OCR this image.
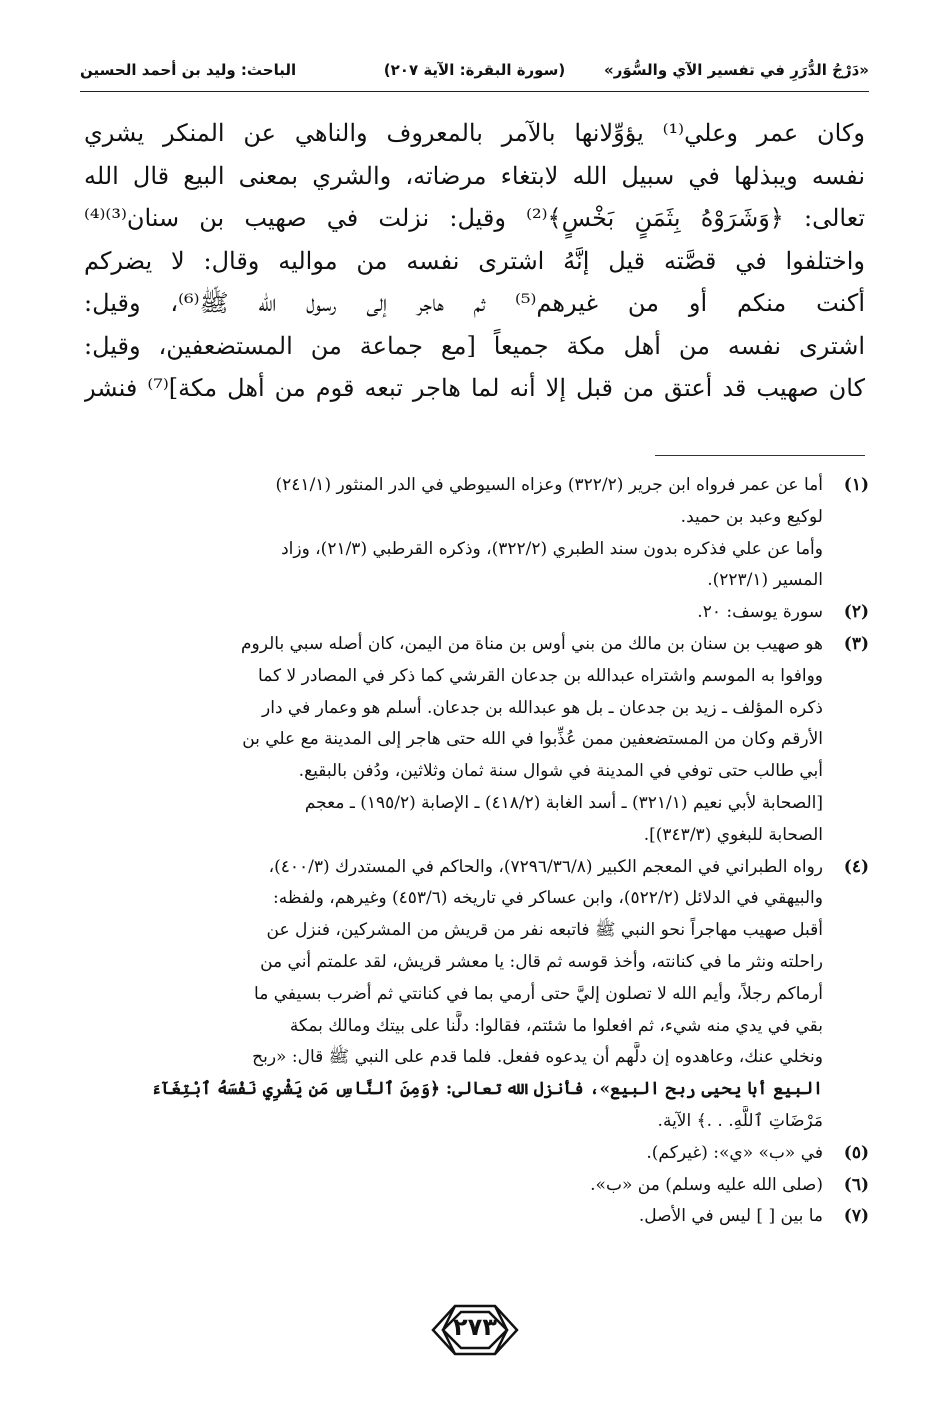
«دَرْجُ الدُّرَرِ في تفسير الآي والسُّوَر»
(سورة البقرة: الآية ٢٠٧)
الباحث: وليد بن أحمد الحسين
وكان عمر وعلي⁽¹⁾ يؤوِّلانها بالآمر بالمعروف والناهي عن المنكر يشري
نفسه ويبذلها في سبيل الله لابتغاء مرضاته، والشري بمعنى البيع قال الله
تعالى: ﴿وَشَرَوْهُ بِثَمَنٍ بَخْسٍ﴾⁽²⁾ وقيل: نزلت في صهيب بن سنان⁽³⁾⁽⁴⁾
واختلفوا في قصَّته قيل إنَّهُ اشترى نفسه من مواليه وقال: لا يضركم
أكنت منكم أو من غيرهم⁽⁵⁾ ثم هاجر إلى رسول الله ﷺ⁽⁶⁾، وقيل:
اشترى نفسه من أهل مكة جميعاً [مع جماعة من المستضعفين، وقيل:
كان صهيب قد أعتق من قبل إلا أنه لما هاجر تبعه قوم من أهل مكة]⁽⁷⁾ فنشر
(١)
أما عن عمر فرواه ابن جرير (٣٢٢/٢) وعزاه السيوطي في الدر المنثور (٢٤١/١)
لوكيع وعبد بن حميد.
وأما عن علي فذكره بدون سند الطبري (٣٢٢/٢)، وذكره القرطبي (٢١/٣)، وزاد
المسير (٢٢٣/١).
(٢)
سورة يوسف: ٢٠.
(٣)
هو صهيب بن سنان بن مالك من بني أوس بن مناة من اليمن، كان أصله سبي بالروم
ووافوا به الموسم واشتراه عبدالله بن جدعان القرشي كما ذكر في المصادر لا كما
ذكره المؤلف ـ زيد بن جدعان ـ بل هو عبدالله بن جدعان. أسلم هو وعمار في دار
الأرقم وكان من المستضعفين ممن عُذِّبوا في الله حتى هاجر إلى المدينة مع علي بن
أبي طالب حتى توفي في المدينة في شوال سنة ثمان وثلاثين، ودُفن بالبقيع.
[الصحابة لأبي نعيم (٣٢١/١) ـ أسد الغابة (٤١٨/٢) ـ الإصابة (١٩٥/٢) ـ معجم
الصحابة للبغوي (٣٤٣/٣)].
(٤)
رواه الطبراني في المعجم الكبير (٧٢٩٦/٣٦/٨)، والحاكم في المستدرك (٤٠٠/٣)،
والبيهقي في الدلائل (٥٢٢/٢)، وابن عساكر في تاريخه (٤٥٣/٦) وغيرهم، ولفظه:
أقبل صهيب مهاجراً نحو النبي ﷺ فاتبعه نفر من قريش من المشركين، فنزل عن
راحلته ونثر ما في كنانته، وأخذ قوسه ثم قال: يا معشر قريش، لقد علمتم أني من
أرماكم رجلاً، وأيم الله لا تصلون إليَّ حتى أرمي بما في كنانتي ثم أضرب بسيفي ما
بقي في يدي منه شيء، ثم افعلوا ما شئتم، فقالوا: دلَّنا على بيتك ومالك بمكة
ونخلي عنك، وعاهدوه إن دلَّهم أن يدعوه ففعل. فلما قدم على النبي ﷺ قال: «ربح
البيع أبا يحيى ربح البيع»، فأنزل الله تعالى: ﴿وَمِنَ ٱلنَّاسِ مَن يَشْرِي نَفْسَهُ ٱبْتِغَآءَ
مَرْضَاتِ ٱللَّهِ. . .﴾ الآية.
(٥)
في «ب» «ي»: (غيركم).
(٦)
(صلى الله عليه وسلم) من «ب».
(٧)
ما بين [ ] ليس في الأصل.
٢٧٣
